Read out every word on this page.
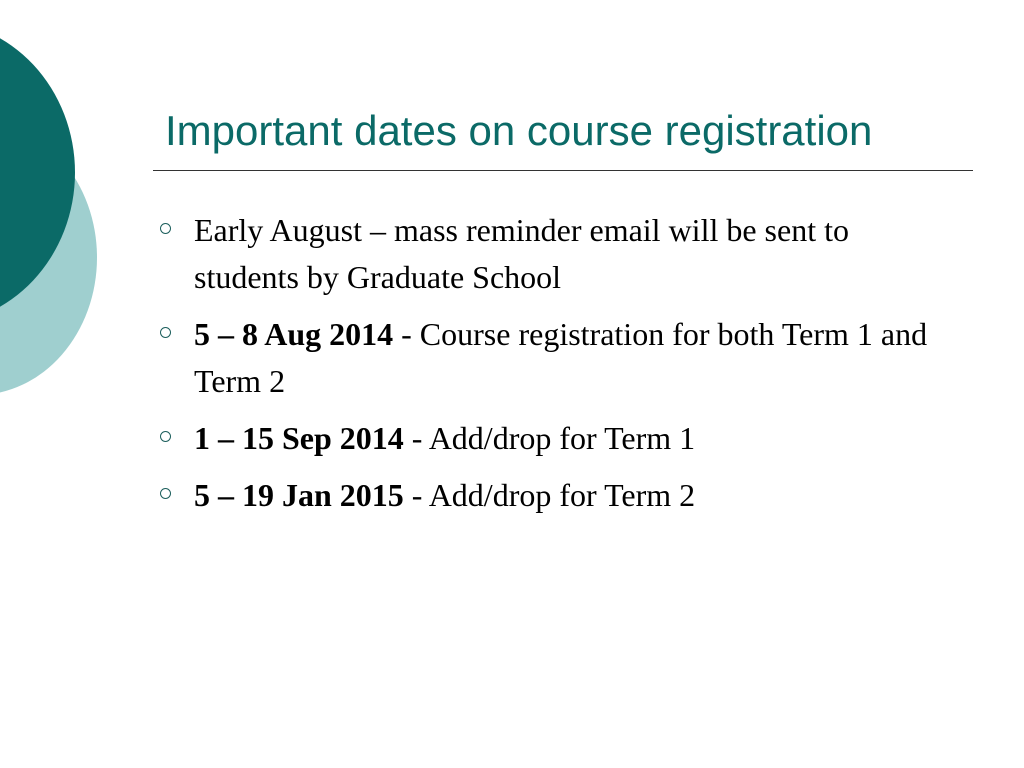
Important dates on course registration
Early August – mass reminder email will be sent to students by Graduate School
5 – 8 Aug 2014 - Course registration for both Term 1 and Term 2
1 – 15 Sep 2014 - Add/drop for Term 1
5 – 19 Jan 2015 - Add/drop for Term 2
